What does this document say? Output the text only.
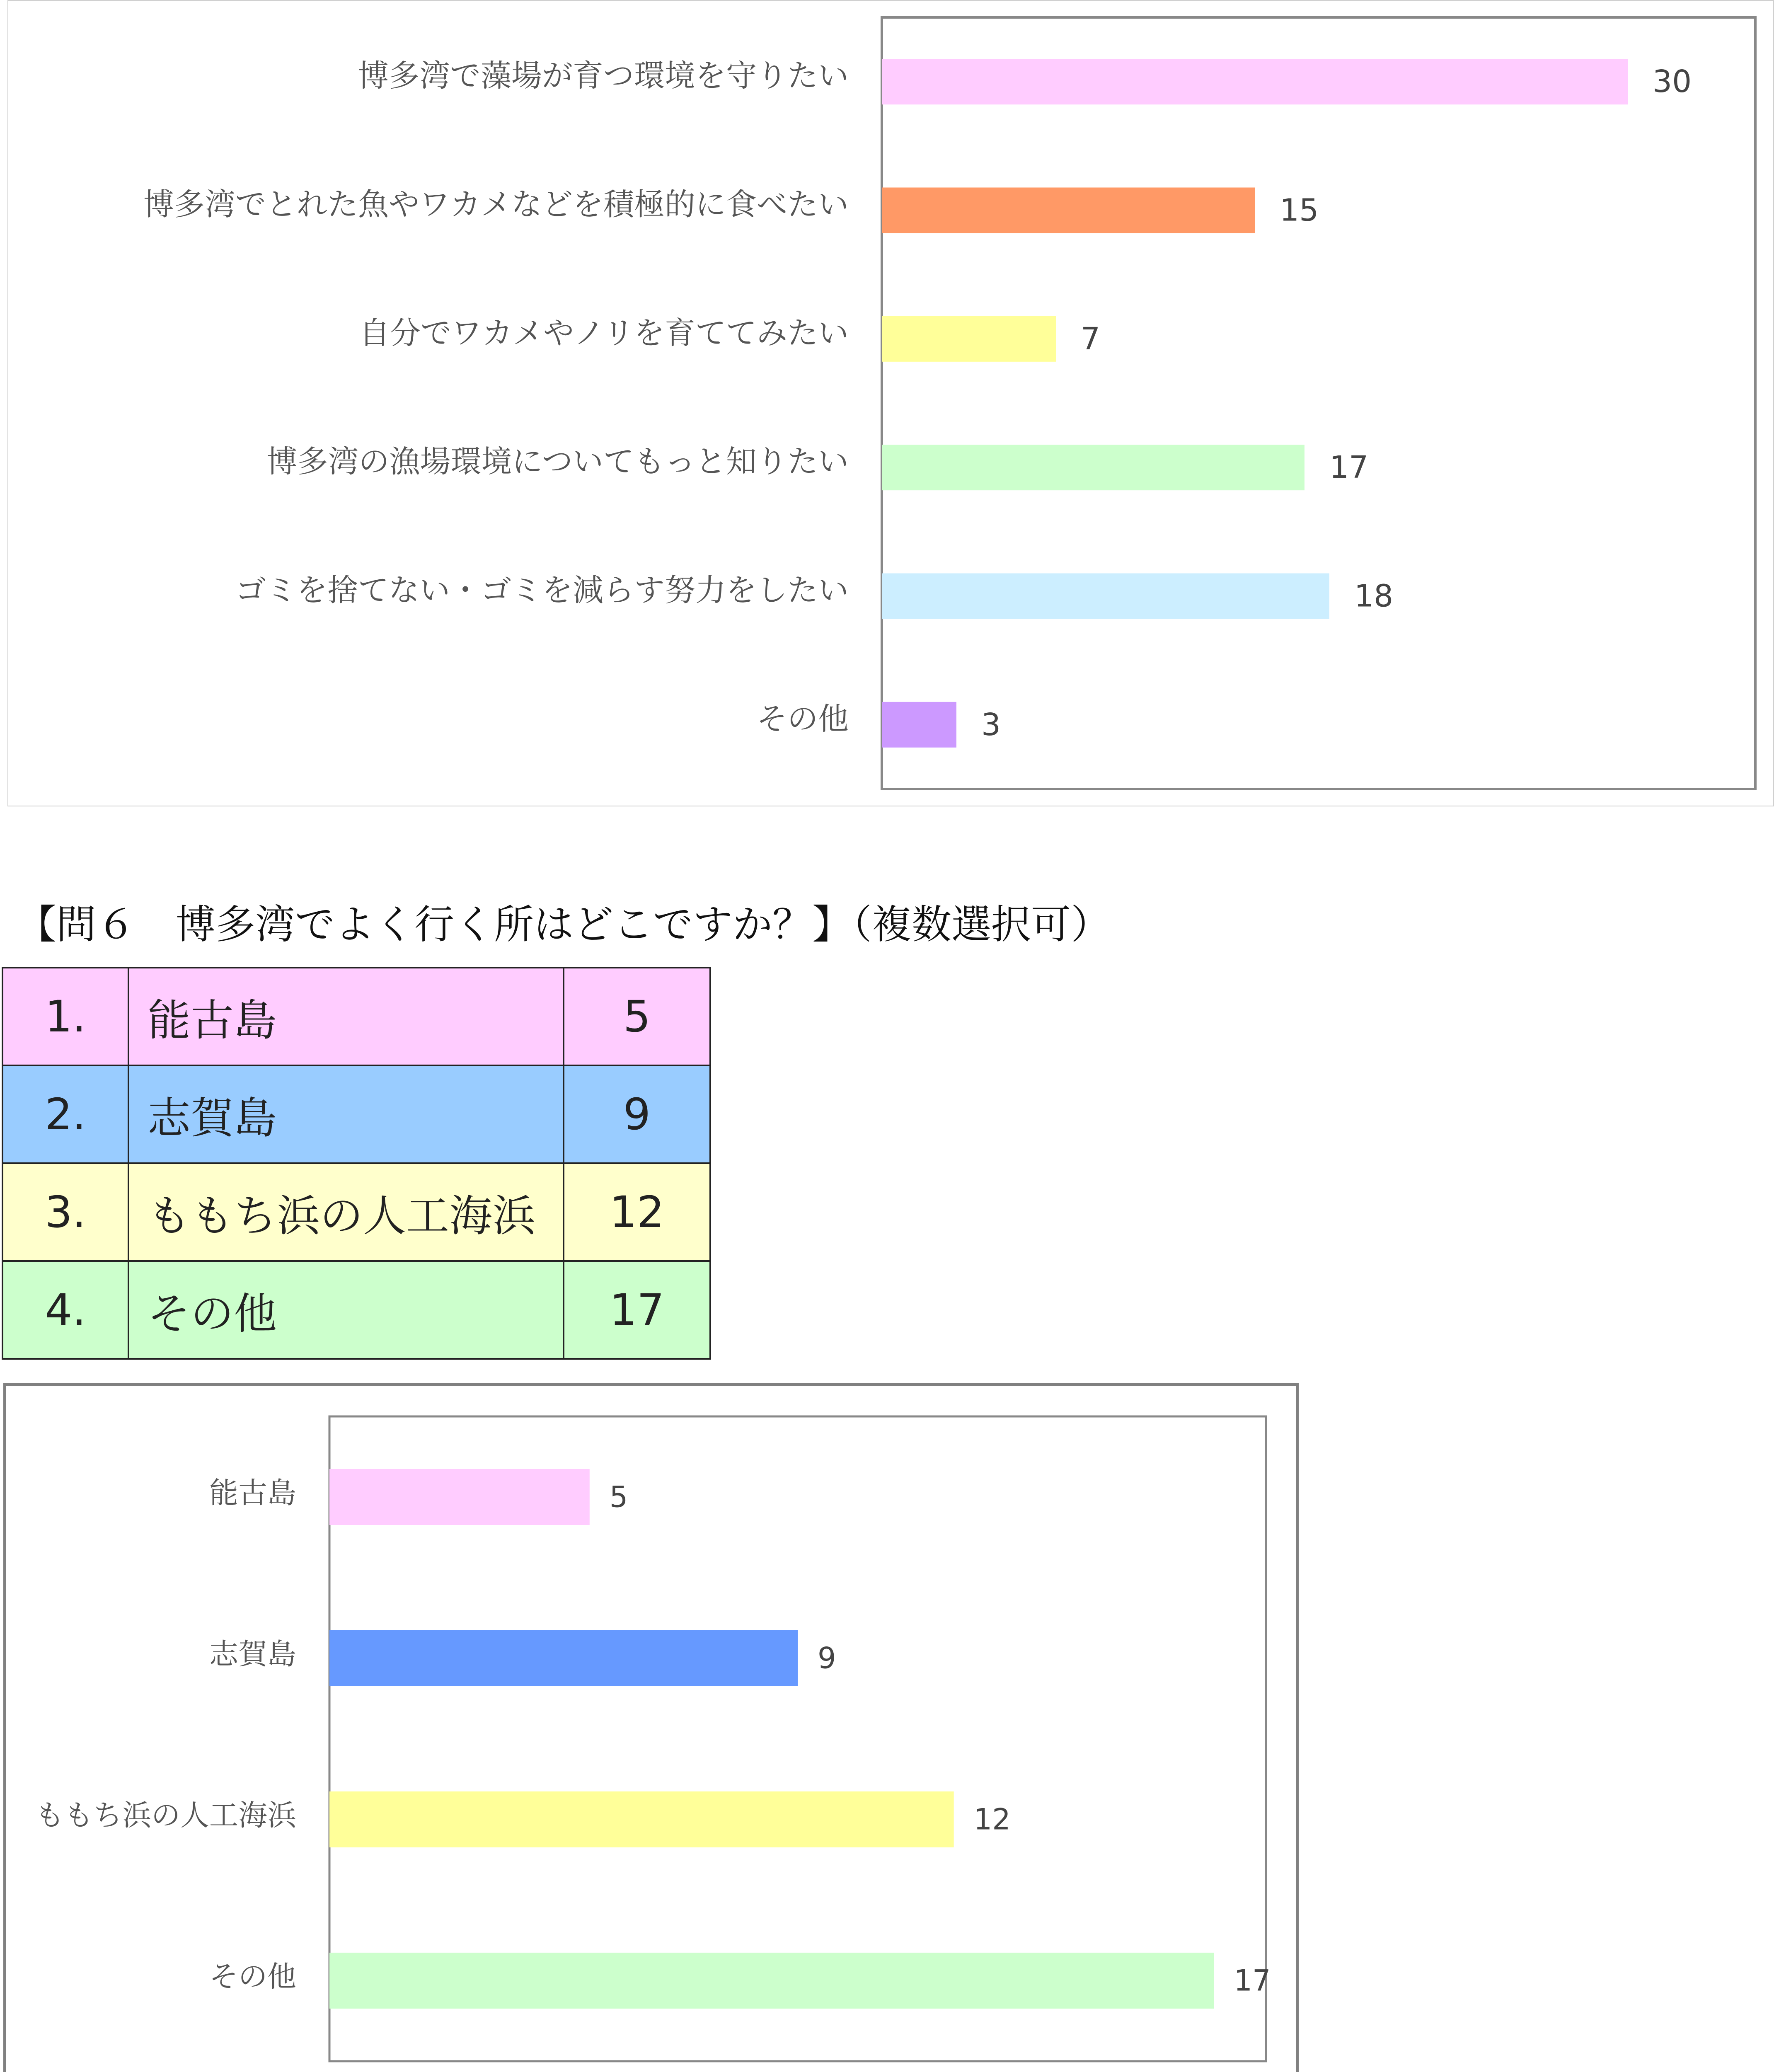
博多湾で藻場が育つ環境を守りたい	30
博多湾でとれた魚やワカメなどを積極的に食べたい	15
自分でワカメやノリを育ててみたい	7
博多湾の漁場環境についてもっと知りたい	17
ゴミを捨てない・ゴミを減らす努力をしたい	18
その他	3
【問６　博多湾でよく行く所はどこですか？】（複数選択可）
1.	能古島	5
2.	志賀島	9
3.	ももち浜の人工海浜	12
4.	その他	17
能古島	5
志賀島	9
ももち浜の人工海浜	12
その他	17
